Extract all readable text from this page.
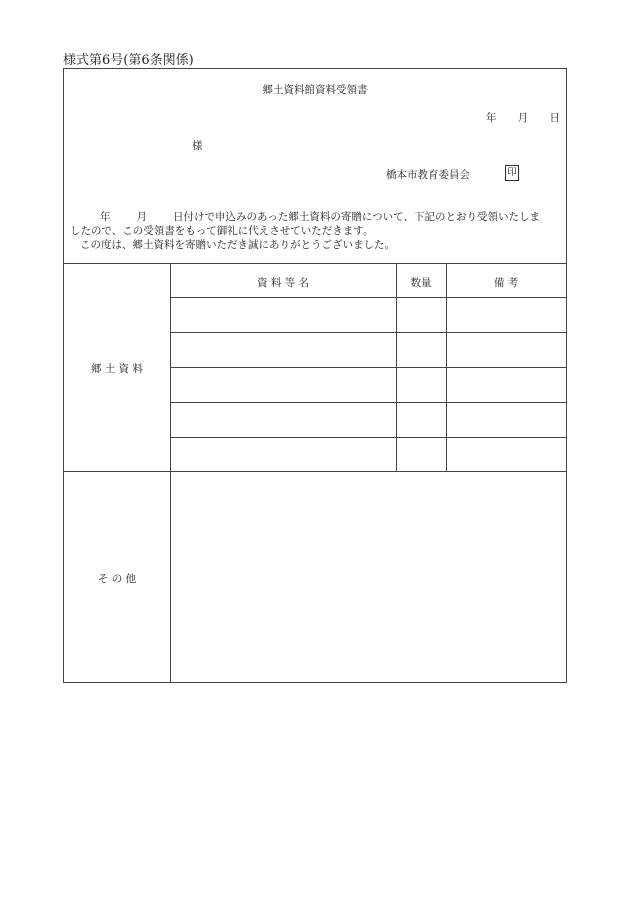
様式第6号(第6条関係)
郷土資料館資料受領書
年 月 日
様
橋本市教育委員会	印

年 月 日付けで申込みのあった郷土資料の寄贈について、下記のとおり受領いたしま

したので、この受領書をもって御礼に代えさせていただきます。

この度は、郷土資料を寄贈いただき誠にありがとうございました。

資 料 等 名	数量	備 考
郷 土 資 料
そ の 他
